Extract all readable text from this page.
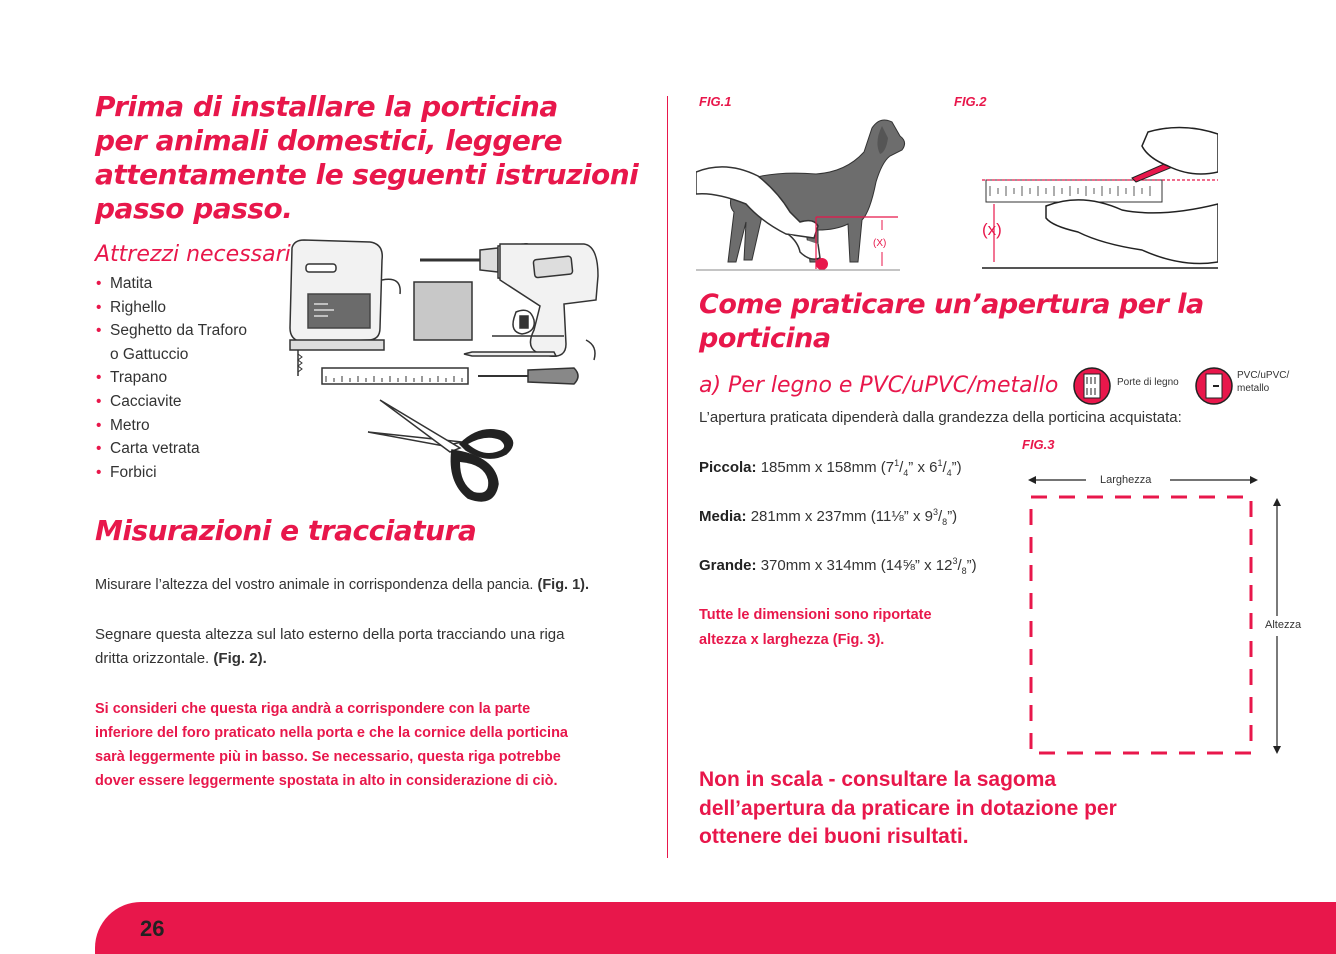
Prima di installare la porticina
per animali domestici, leggere
attentamente le seguenti istruzioni
passo passo.
Attrezzi necessari
• Matita
• Righello
• Seghetto da Traforo
o Gattuccio
• Trapano
• Cacciavite
• Metro
• Carta vetrata
• Forbici
Misurazioni e tracciatura
Misurare l’altezza del vostro animale in corrispondenza della pancia. (Fig. 1).
Segnare questa altezza sul lato esterno della porta tracciando una riga
dritta orizzontale. (Fig. 2).
Si consideri che questa riga andrà a corrispondere con la parte
inferiore del foro praticato nella porta e che la cornice della porticina
sarà leggermente più in basso. Se necessario, questa riga potrebbe
dover essere leggermente spostata in alto in considerazione di ciò.
FIG.1	FIG.2
(X)
(x)
Come praticare un’apertura per la
porticina
a) Per legno e PVC/uPVC/metallo	Porte di legno
PVC/uPVC/
metallo
L’apertura praticata dipenderà dalla grandezza della porticina acquistata:
FIG.3
Piccola: 185mm x 158mm ($7^1/_4$” x $6^1/_4$”)
Media: 281mm x 237mm (11⅛” x $9^3/_8$”)
Grande: 370mm x 314mm (14⅝” x $12^3/_8$”)
Tutte le dimensioni sono riportate
altezza x larghezza (Fig. 3).
Larghezza
Altezza
Non in scala - consultare la sagoma
dell’apertura da praticare in dotazione per
ottenere dei buoni risultati.
26
